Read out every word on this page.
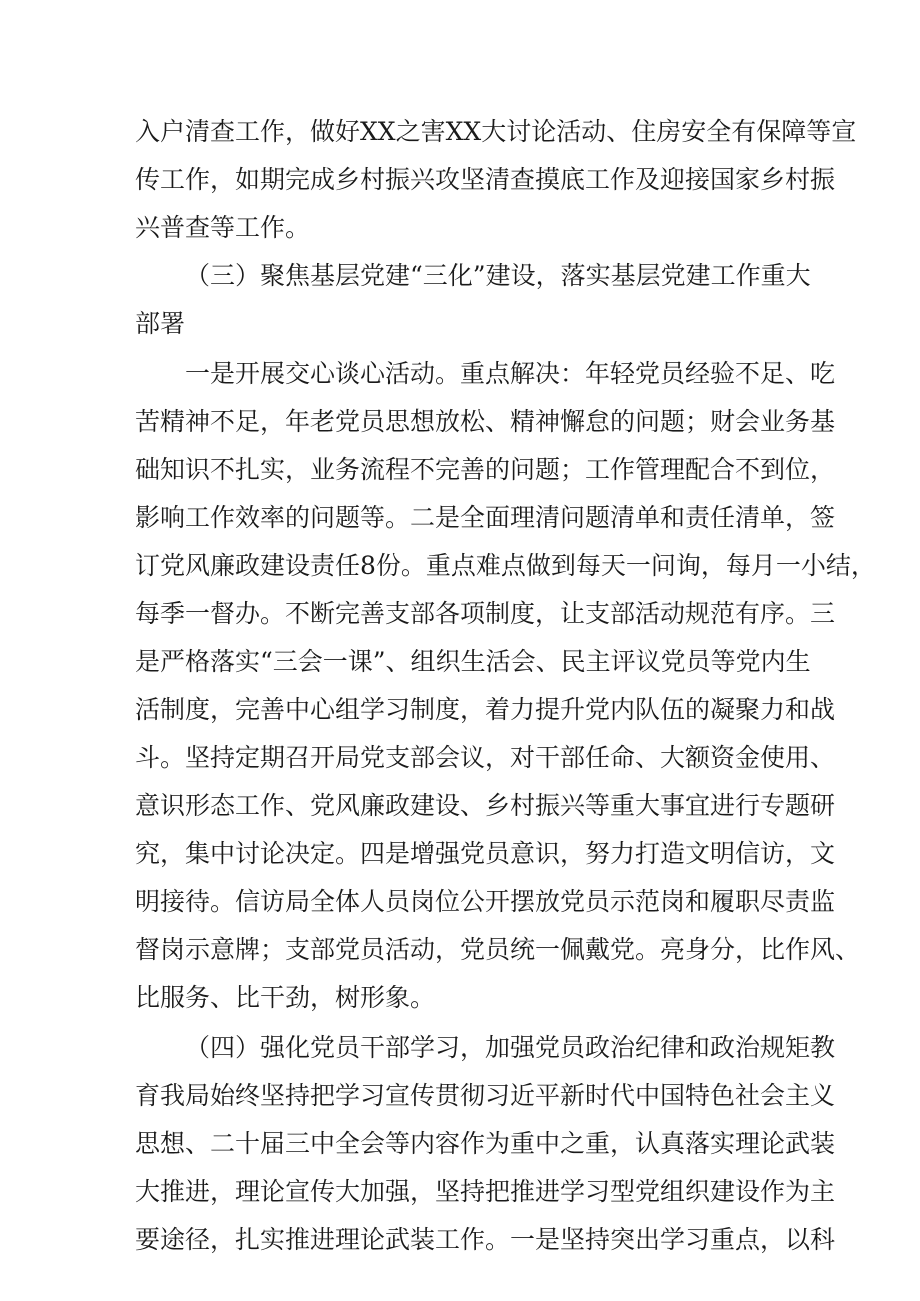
入户清查工作，做好XX之害XX大讨论活动、住房安全有保障等宣
传工作，如期完成乡村振兴攻坚清查摸底工作及迎接国家乡村振
兴普查等工作。
（三）聚焦基层党建“三化”建设，落实基层党建工作重大
部署
一是开展交心谈心活动。重点解决：年轻党员经验不足、吃
苦精神不足，年老党员思想放松、精神懈怠的问题；财会业务基
础知识不扎实，业务流程不完善的问题；工作管理配合不到位，
影响工作效率的问题等。二是全面理清问题清单和责任清单，签
订党风廉政建设责任8份。重点难点做到每天一问询，每月一小结，
每季一督办。不断完善支部各项制度，让支部活动规范有序。三
是严格落实“三会一课”、组织生活会、民主评议党员等党内生
活制度，完善中心组学习制度，着力提升党内队伍的凝聚力和战
斗。坚持定期召开局党支部会议，对干部任命、大额资金使用、
意识形态工作、党风廉政建设、乡村振兴等重大事宜进行专题研
究，集中讨论决定。四是增强党员意识，努力打造文明信访，文
明接待。信访局全体人员岗位公开摆放党员示范岗和履职尽责监
督岗示意牌；支部党员活动，党员统一佩戴党。亮身分，比作风、
比服务、比干劲，树形象。
（四）强化党员干部学习，加强党员政治纪律和政治规矩教
育我局始终坚持把学习宣传贯彻习近平新时代中国特色社会主义
思想、二十届三中全会等内容作为重中之重，认真落实理论武装
大推进，理论宣传大加强，坚持把推进学习型党组织建设作为主
要途径，扎实推进理论武装工作。一是坚持突出学习重点，以科
